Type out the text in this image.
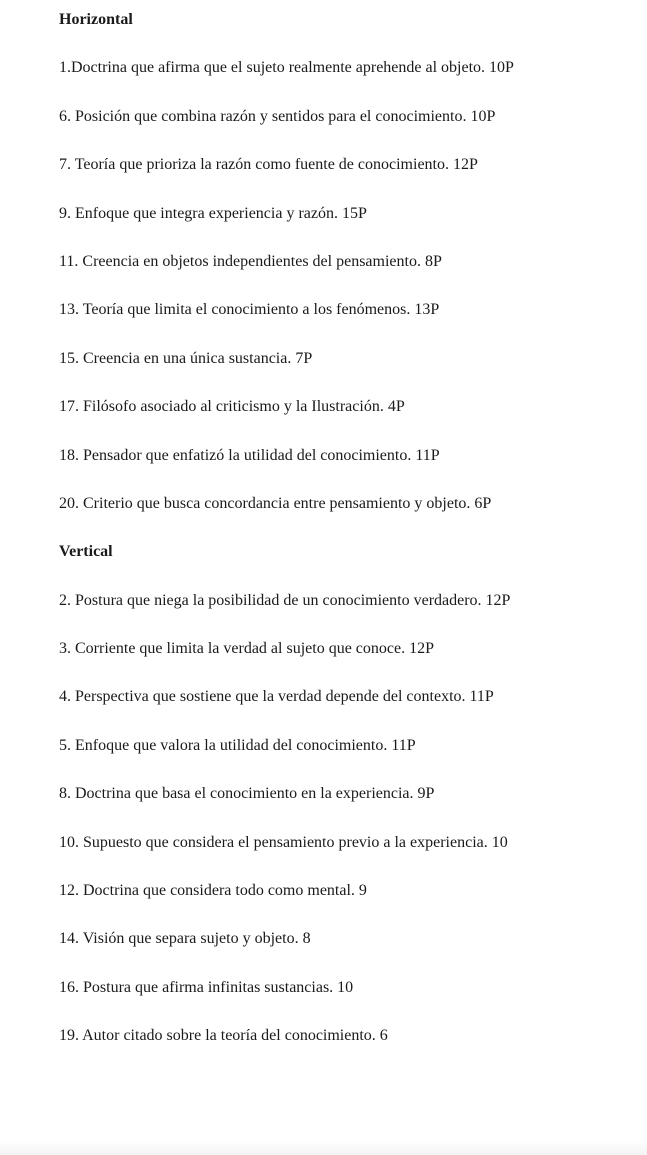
Horizontal
1.Doctrina que afirma que el sujeto realmente aprehende al objeto. 10P
6. Posición que combina razón y sentidos para el conocimiento. 10P
7. Teoría que prioriza la razón como fuente de conocimiento. 12P
9. Enfoque que integra experiencia y razón. 15P
11. Creencia en objetos independientes del pensamiento. 8P
13. Teoría que limita el conocimiento a los fenómenos. 13P
15. Creencia en una única sustancia. 7P
17. Filósofo asociado al criticismo y la Ilustración. 4P
18. Pensador que enfatizó la utilidad del conocimiento. 11P
20. Criterio que busca concordancia entre pensamiento y objeto. 6P
Vertical
2. Postura que niega la posibilidad de un conocimiento verdadero. 12P
3. Corriente que limita la verdad al sujeto que conoce. 12P
4. Perspectiva que sostiene que la verdad depende del contexto. 11P
5. Enfoque que valora la utilidad del conocimiento. 11P
8. Doctrina que basa el conocimiento en la experiencia. 9P
10. Supuesto que considera el pensamiento previo a la experiencia. 10
12. Doctrina que considera todo como mental. 9
14. Visión que separa sujeto y objeto. 8
16. Postura que afirma infinitas sustancias. 10
19. Autor citado sobre la teoría del conocimiento. 6
